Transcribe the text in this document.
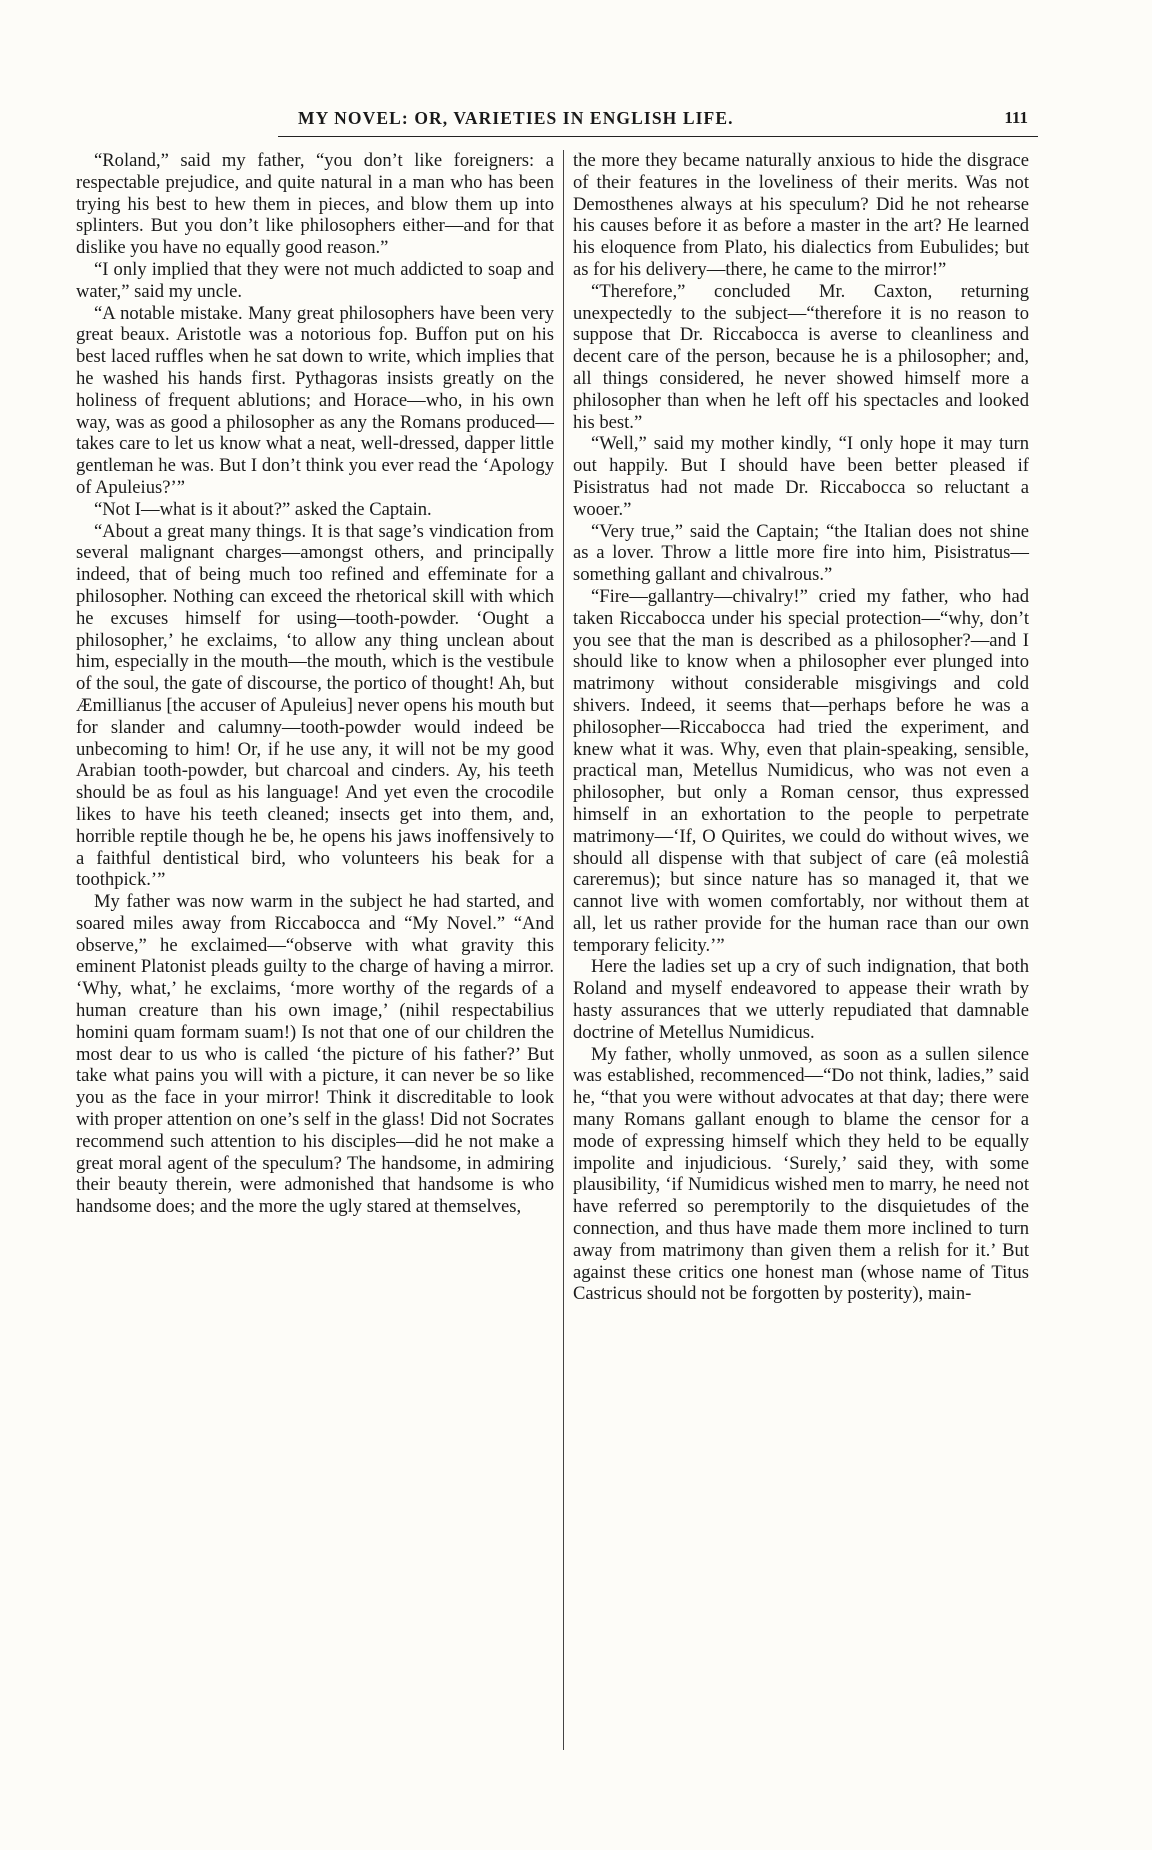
MY NOVEL: OR, VARIETIES IN ENGLISH LIFE.	111

“Roland,” said my father, “you don’t like foreigners: a respectable prejudice, and quite natural in a man who has been trying his best to hew them in pieces, and blow them up into splinters. But you don’t like philosophers either—and for that dislike you have no equally good reason.”

“I only implied that they were not much addicted to soap and water,” said my uncle.

“A notable mistake. Many great philosophers have been very great beaux. Aristotle was a notorious fop. Buffon put on his best laced ruffles when he sat down to write, which implies that he washed his hands first. Pythagoras insists greatly on the holiness of frequent ablutions; and Horace—who, in his own way, was as good a philosopher as any the Romans produced—takes care to let us know what a neat, well-dressed, dapper little gentleman he was. But I don’t think you ever read the ‘Apology of Apuleius?’”

“Not I—what is it about?” asked the Captain.

“About a great many things. It is that sage’s vindication from several malignant charges—amongst others, and principally indeed, that of being much too refined and effeminate for a philosopher. Nothing can exceed the rhetorical skill with which he excuses himself for using—tooth-powder. ‘Ought a philosopher,’ he exclaims, ‘to allow any thing unclean about him, especially in the mouth—the mouth, which is the vestibule of the soul, the gate of discourse, the portico of thought! Ah, but Æmillianus [the accuser of Apuleius] never opens his mouth but for slander and calumny—tooth-powder would indeed be unbecoming to him! Or, if he use any, it will not be my good Arabian tooth-powder, but charcoal and cinders. Ay, his teeth should be as foul as his language! And yet even the crocodile likes to have his teeth cleaned; insects get into them, and, horrible reptile though he be, he opens his jaws inoffensively to a faithful dentistical bird, who volunteers his beak for a toothpick.’”

My father was now warm in the subject he had started, and soared miles away from Riccabocca and “My Novel.” “And observe,” he exclaimed—“observe with what gravity this eminent Platonist pleads guilty to the charge of having a mirror. ‘Why, what,’ he exclaims, ‘more worthy of the regards of a human creature than his own image,’ (nihil respectabilius homini quam formam suam!) Is not that one of our children the most dear to us who is called ‘the picture of his father?’ But take what pains you will with a picture, it can never be so like you as the face in your mirror! Think it discreditable to look with proper attention on one’s self in the glass! Did not Socrates recommend such attention to his disciples—did he not make a great moral agent of the speculum? The handsome, in admiring their beauty therein, were admonished that handsome is who handsome does; and the more the ugly stared at themselves,

the more they became naturally anxious to hide the disgrace of their features in the loveliness of their merits. Was not Demosthenes always at his speculum? Did he not rehearse his causes before it as before a master in the art? He learned his eloquence from Plato, his dialectics from Eubulides; but as for his delivery—there, he came to the mirror!”

“Therefore,” concluded Mr. Caxton, returning unexpectedly to the subject—“therefore it is no reason to suppose that Dr. Riccabocca is averse to cleanliness and decent care of the person, because he is a philosopher; and, all things considered, he never showed himself more a philosopher than when he left off his spectacles and looked his best.”

“Well,” said my mother kindly, “I only hope it may turn out happily. But I should have been better pleased if Pisistratus had not made Dr. Riccabocca so reluctant a wooer.”

“Very true,” said the Captain; “the Italian does not shine as a lover. Throw a little more fire into him, Pisistratus—something gallant and chivalrous.”

“Fire—gallantry—chivalry!” cried my father, who had taken Riccabocca under his special protection—“why, don’t you see that the man is described as a philosopher?—and I should like to know when a philosopher ever plunged into matrimony without considerable misgivings and cold shivers. Indeed, it seems that—perhaps before he was a philosopher—Riccabocca had tried the experiment, and knew what it was. Why, even that plain-speaking, sensible, practical man, Metellus Numidicus, who was not even a philosopher, but only a Roman censor, thus expressed himself in an exhortation to the people to perpetrate matrimony—‘If, O Quirites, we could do without wives, we should all dispense with that subject of care (eâ molestiâ careremus); but since nature has so managed it, that we cannot live with women comfortably, nor without them at all, let us rather provide for the human race than our own temporary felicity.’”

Here the ladies set up a cry of such indignation, that both Roland and myself endeavored to appease their wrath by hasty assurances that we utterly repudiated that damnable doctrine of Metellus Numidicus.

My father, wholly unmoved, as soon as a sullen silence was established, recommenced—“Do not think, ladies,” said he, “that you were without advocates at that day; there were many Romans gallant enough to blame the censor for a mode of expressing himself which they held to be equally impolite and injudicious. ‘Surely,’ said they, with some plausibility, ‘if Numidicus wished men to marry, he need not have referred so peremptorily to the disquietudes of the connection, and thus have made them more inclined to turn away from matrimony than given them a relish for it.’ But against these critics one honest man (whose name of Titus Castricus should not be forgotten by posterity), main-
